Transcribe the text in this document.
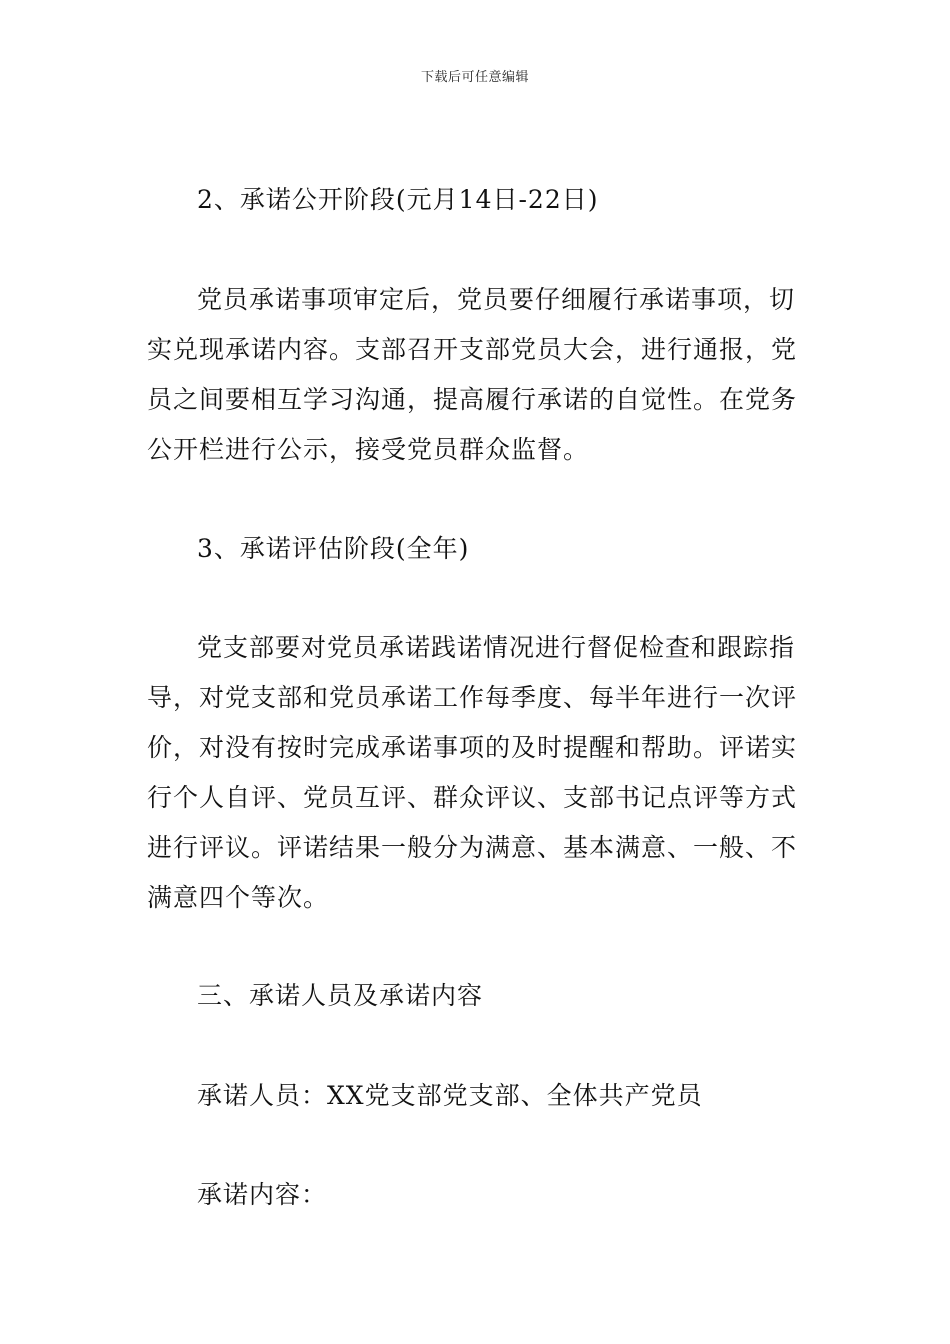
下载后可任意编辑

2、承诺公开阶段(元月14日-22日)

党员承诺事项审定后，党员要仔细履行承诺事项，切
实兑现承诺内容。支部召开支部党员大会，进行通报，党
员之间要相互学习沟通，提高履行承诺的自觉性。在党务
公开栏进行公示，接受党员群众监督。

3、承诺评估阶段(全年)

党支部要对党员承诺践诺情况进行督促检查和跟踪指
导，对党支部和党员承诺工作每季度、每半年进行一次评
价，对没有按时完成承诺事项的及时提醒和帮助。评诺实
行个人自评、党员互评、群众评议、支部书记点评等方式
进行评议。评诺结果一般分为满意、基本满意、一般、不
满意四个等次。

三、承诺人员及承诺内容

承诺人员：XX党支部党支部、全体共产党员

承诺内容：
